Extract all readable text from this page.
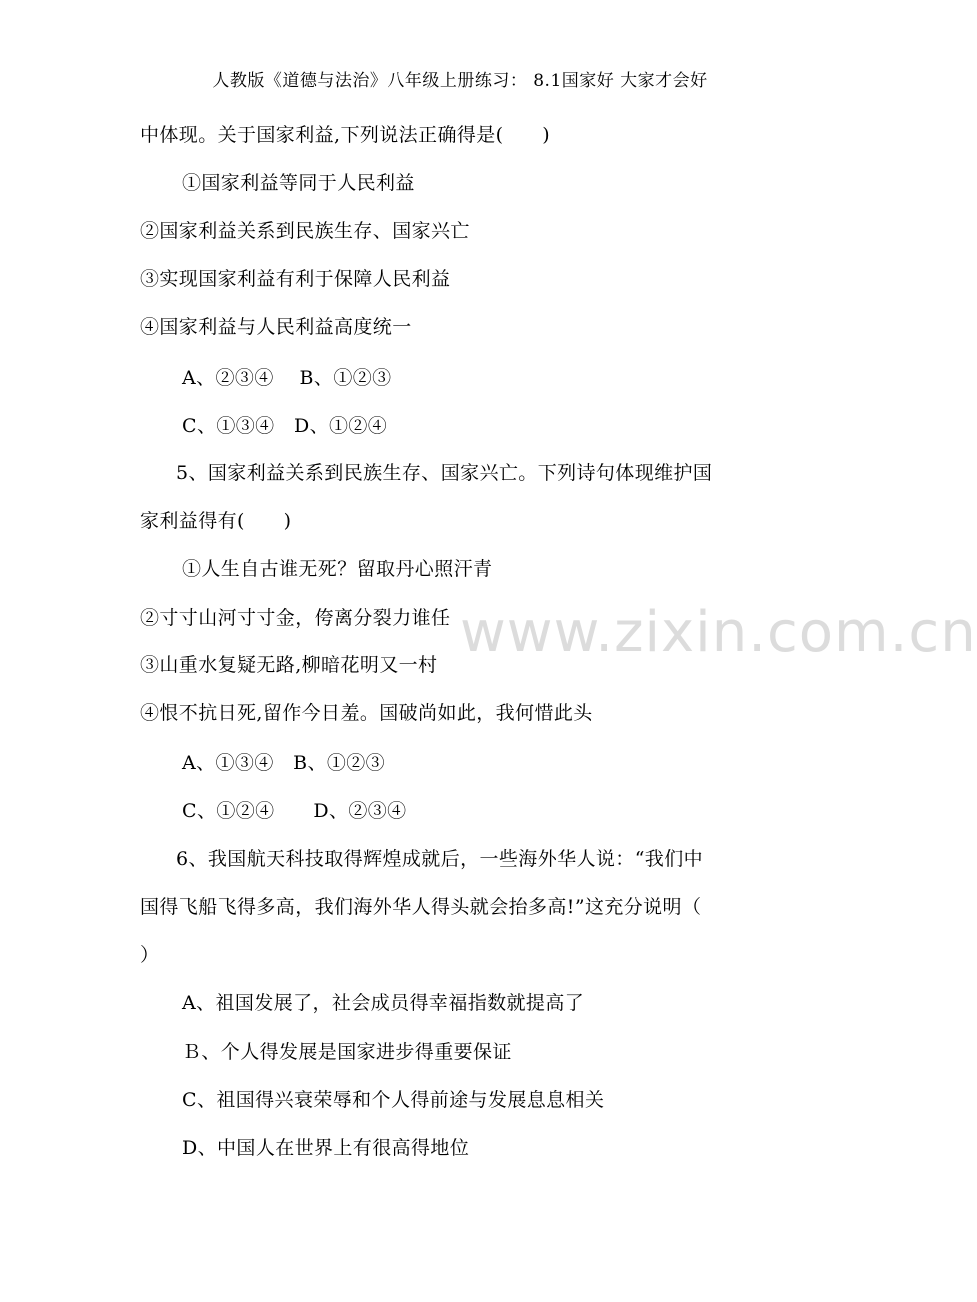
人教版《道德与法治》八年级上册练习： 8.1国家好 大家才会好
www.zixin.com.cn
中体现。关于国家利益,下列说法正确得是(　　)
①国家利益等同于人民利益
②国家利益关系到民族生存、国家兴亡
③实现国家利益有利于保障人民利益
④国家利益与人民利益高度统一
A、②③④　 B、①②③
C、①③④　D、①②④
5、国家利益关系到民族生存、国家兴亡。下列诗句体现维护国
家利益得有(　　)
①人生自古谁无死？留取丹心照汗青
②寸寸山河寸寸金，侉离分裂力谁任
③山重水复疑无路,柳暗花明又一村
④恨不抗日死,留作今日羞。国破尚如此，我何惜此头
A、①③④　B、①②③
C、①②④　　D、②③④
6、我国航天科技取得辉煌成就后，一些海外华人说：“我们中
国得飞船飞得多高，我们海外华人得头就会抬多高!”这充分说明（
）
A、祖国发展了，社会成员得幸福指数就提高了
Ｂ、个人得发展是国家进步得重要保证
C、祖国得兴衰荣辱和个人得前途与发展息息相关
D、中国人在世界上有很高得地位
